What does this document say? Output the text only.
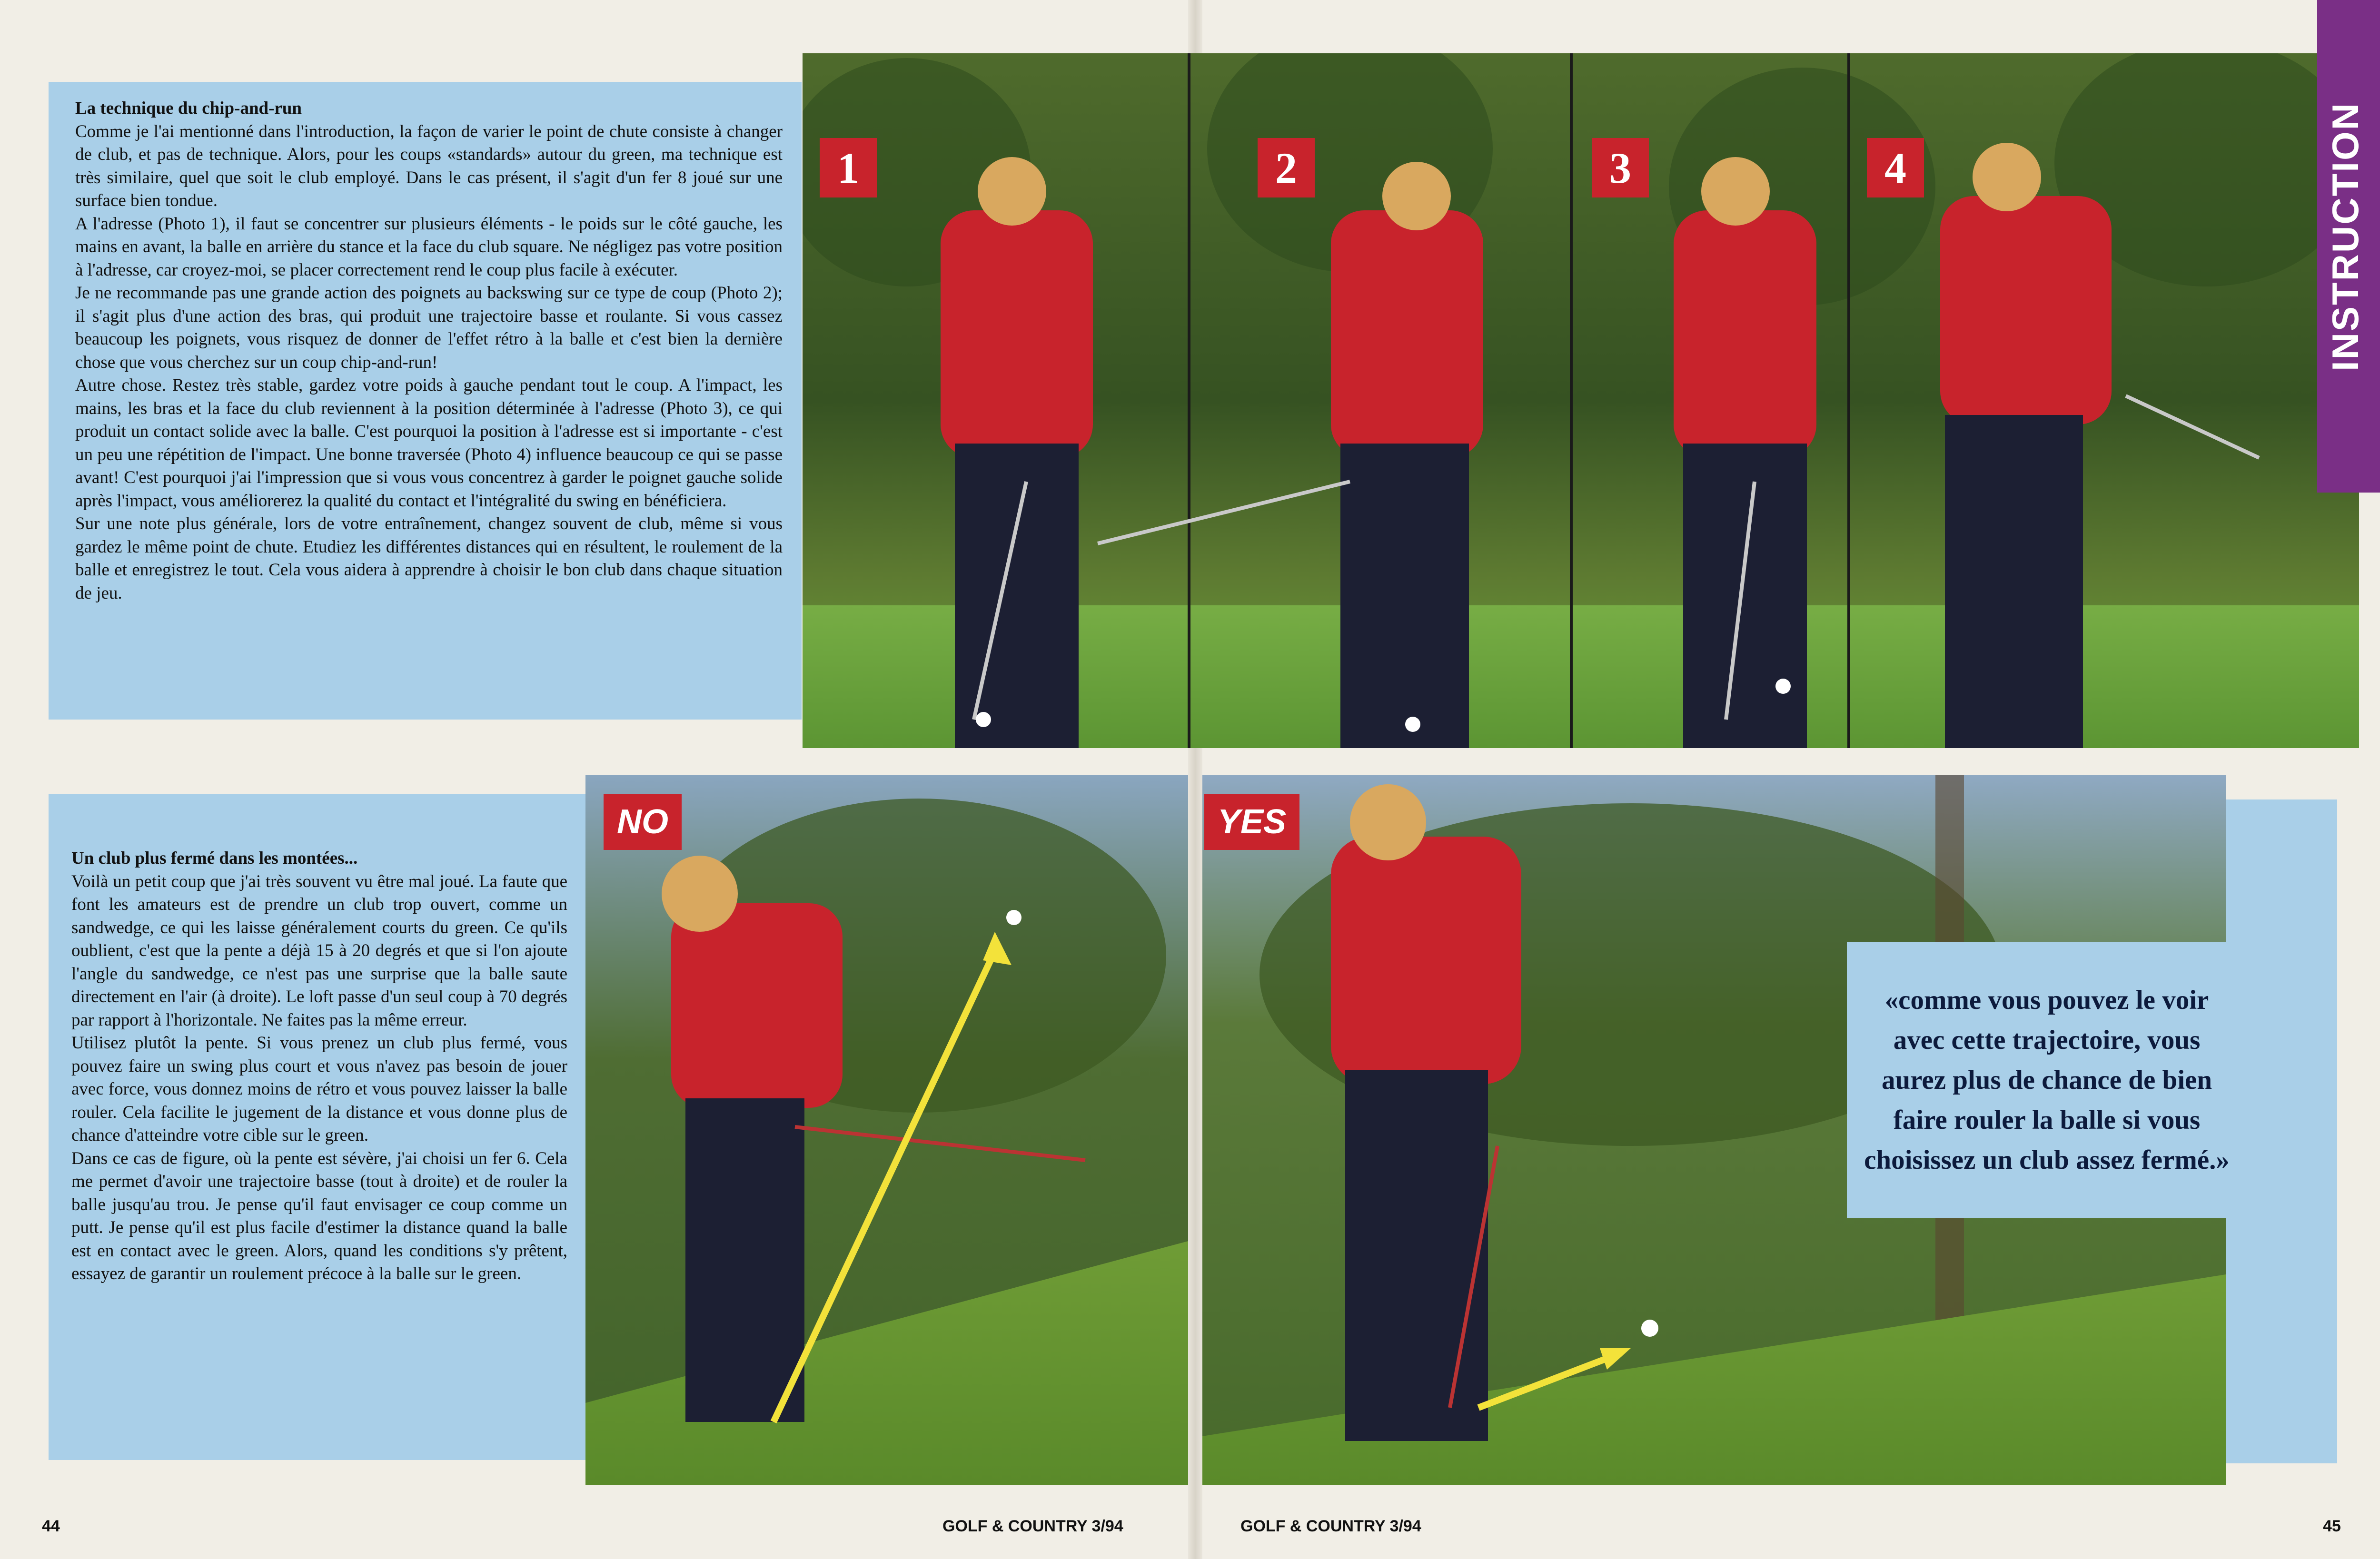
La technique du chip-and-run

Comme je l'ai mentionné dans l'introduction, la façon de varier le point de chute consiste à changer de club, et pas de technique. Alors, pour les coups «standards» autour du green, ma technique est très similaire, quel que soit le club employé. Dans le cas présent, il s'agit d'un fer 8 joué sur une surface bien tondue.

A l'adresse (Photo 1), il faut se concentrer sur plusieurs éléments - le poids sur le côté gauche, les mains en avant, la balle en arrière du stance et la face du club square. Ne négligez pas votre position à l'adresse, car croyez-moi, se placer correctement rend le coup plus facile à exécuter.

Je ne recommande pas une grande action des poignets au backswing sur ce type de coup (Photo 2); il s'agit plus d'une action des bras, qui produit une trajectoire basse et roulante. Si vous cassez beaucoup les poignets, vous risquez de donner de l'effet rétro à la balle et c'est bien la dernière chose que vous cherchez sur un coup chip-and-run!

Autre chose. Restez très stable, gardez votre poids à gauche pendant tout le coup. A l'impact, les mains, les bras et la face du club reviennent à la position déterminée à l'adresse (Photo 3), ce qui produit un contact solide avec la balle. C'est pourquoi la position à l'adresse est si importante - c'est un peu une répétition de l'impact. Une bonne traversée (Photo 4) influence beaucoup ce qui se passe avant! C'est pourquoi j'ai l'impression que si vous vous concentrez à garder le poignet gauche solide après l'impact, vous améliorerez la qualité du contact et l'intégralité du swing en bénéficiera.

Sur une note plus générale, lors de votre entraînement, changez souvent de club, même si vous gardez le même point de chute. Etudiez les différentes distances qui en résultent, le roulement de la balle et enregistrez le tout. Cela vous aidera à apprendre à choisir le bon club dans chaque situation de jeu.

Un club plus fermé dans les montées...

Voilà un petit coup que j'ai très souvent vu être mal joué. La faute que font les amateurs est de prendre un club trop ouvert, comme un sandwedge, ce qui les laisse généralement courts du green. Ce qu'ils oublient, c'est que la pente a déjà 15 à 20 degrés et que si l'on ajoute l'angle du sandwedge, ce n'est pas une surprise que la balle saute directement en l'air (à droite). Le loft passe d'un seul coup à 70 degrés par rapport à l'horizontale. Ne faites pas la même erreur.

Utilisez plutôt la pente. Si vous prenez un club plus fermé, vous pouvez faire un swing plus court et vous n'avez pas besoin de jouer avec force, vous donnez moins de rétro et vous pouvez laisser la balle rouler. Cela facilite le jugement de la distance et vous donne plus de chance d'atteindre votre cible sur le green.

Dans ce cas de figure, où la pente est sévère, j'ai choisi un fer 6. Cela me permet d'avoir une trajectoire basse (tout à droite) et de rouler la balle jusqu'au trou. Je pense qu'il faut envisager ce coup comme un putt. Je pense qu'il est plus facile d'estimer la distance quand la balle est en contact avec le green. Alors, quand les conditions s'y prêtent, essayez de garantir un roulement précoce à la balle sur le green.

1	2	3	4
NO	YES
«comme vous pouvez le voir avec cette trajectoire, vous aurez plus de chance de bien faire rouler la balle si vous choisissez un club assez fermé.»
INSTRUCTION
44	GOLF & COUNTRY 3/94	GOLF & COUNTRY 3/94	45
